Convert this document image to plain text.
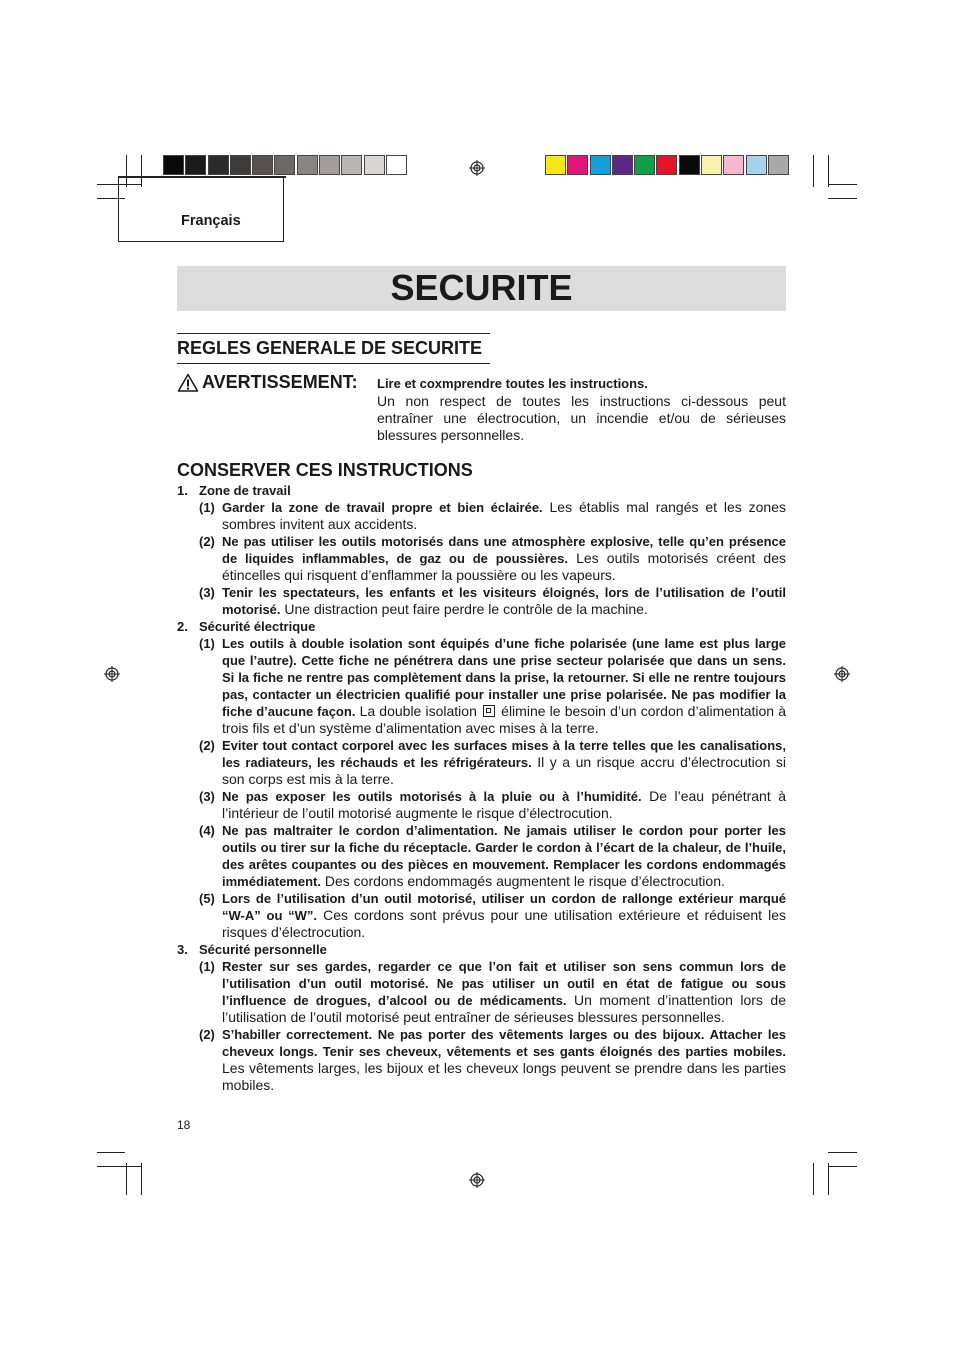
Français
SECURITE
REGLES GENERALE DE SECURITE
AVERTISSEMENT: Lire et coxmprendre toutes les instructions.
Un non respect de toutes les instructions ci-dessous peut entraîner une électrocution, un incendie et/ou de sérieuses blessures personnelles.
CONSERVER CES INSTRUCTIONS
1. Zone de travail
(1) Garder la zone de travail propre et bien éclairée. Les établis mal rangés et les zones sombres invitent aux accidents.
(2) Ne pas utiliser les outils motorisés dans une atmosphère explosive, telle qu’en présence de liquides inflammables, de gaz ou de poussières. Les outils motorisés créent des étincelles qui risquent d’enflammer la poussière ou les vapeurs.
(3) Tenir les spectateurs, les enfants et les visiteurs éloignés, lors de l’utilisation de l’outil motorisé. Une distraction peut faire perdre le contrôle de la machine.
2. Sécurité électrique
(1) Les outils à double isolation sont équipés d’une fiche polarisée (une lame est plus large que l’autre). Cette fiche ne pénétrera dans une prise secteur polarisée que dans un sens. Si la fiche ne rentre pas complètement dans la prise, la retourner. Si elle ne rentre toujours pas, contacter un électricien qualifié pour installer une prise polarisée. Ne pas modifier la fiche d’aucune façon. La double isolation  élimine le besoin d’un cordon d’alimentation à trois fils et d’un système d’alimentation avec mises à la terre.
(2) Eviter tout contact corporel avec les surfaces mises à la terre telles que les canalisations, les radiateurs, les réchauds et les réfrigérateurs. Il y a un risque accru d’électrocution si son corps est mis à la terre.
(3) Ne pas exposer les outils motorisés à la pluie ou à l’humidité. De l’eau pénétrant à l’intérieur de l’outil motorisé augmente le risque d’électrocution.
(4) Ne pas maltraiter le cordon d’alimentation. Ne jamais utiliser le cordon pour porter les outils ou tirer sur la fiche du réceptacle. Garder le cordon à l’écart de la chaleur, de l’huile, des arêtes coupantes ou des pièces en mouvement. Remplacer les cordons endommagés immédiatement. Des cordons endommagés augmentent le risque d’électrocution.
(5) Lors de l’utilisation d’un outil motorisé, utiliser un cordon de rallonge extérieur marqué “W-A” ou “W”. Ces cordons sont prévus pour une utilisation extérieure et réduisent les risques d’électrocution.
3. Sécurité personnelle
(1) Rester sur ses gardes, regarder ce que l’on fait et utiliser son sens commun lors de l’utilisation d’un outil motorisé. Ne pas utiliser un outil en état de fatigue ou sous l’influence de drogues, d’alcool ou de médicaments. Un moment d’inattention lors de l’utilisation de l’outil motorisé peut entraîner de sérieuses blessures personnelles.
(2) S’habiller correctement. Ne pas porter des vêtements larges ou des bijoux. Attacher les cheveux longs. Tenir ses cheveux, vêtements et ses gants éloignés des parties mobiles. Les vêtements larges, les bijoux et les cheveux longs peuvent se prendre dans les parties mobiles.
18
